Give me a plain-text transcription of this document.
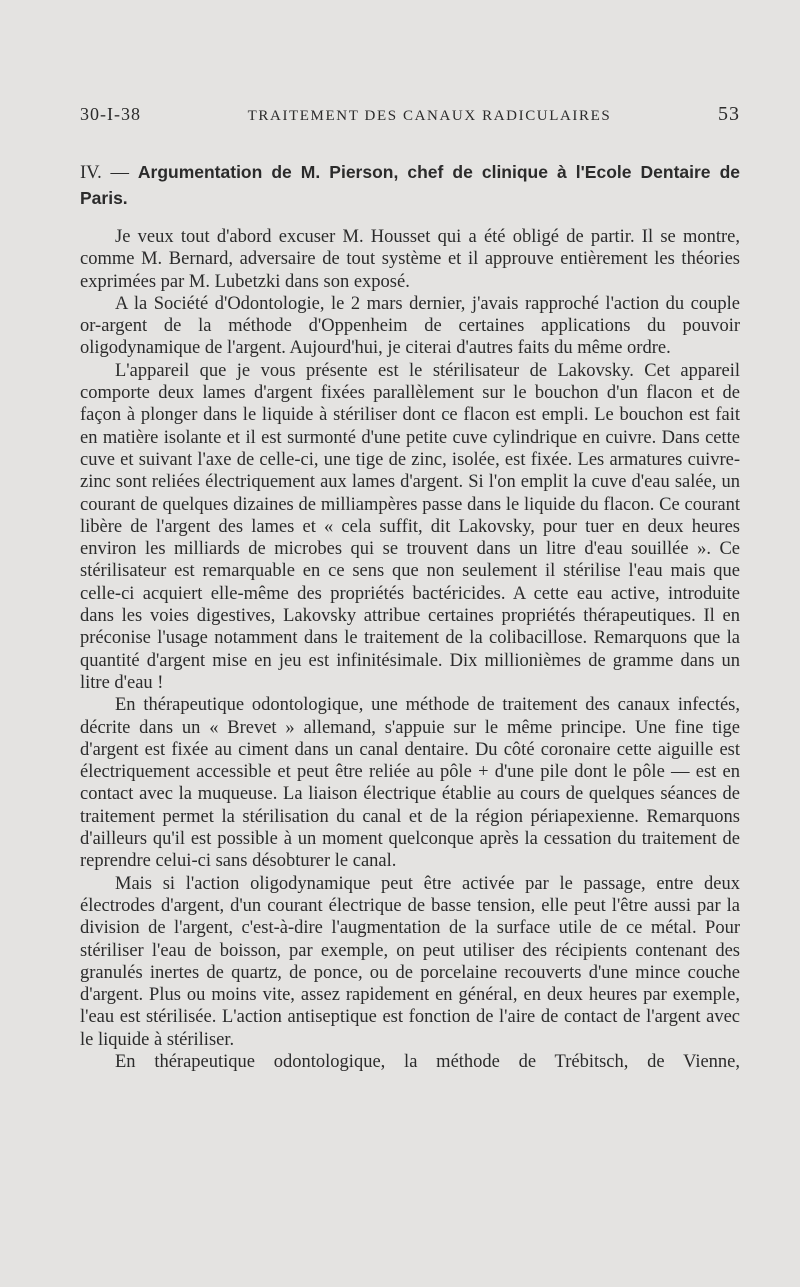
30-I-38	TRAITEMENT DES CANAUX RADICULAIRES	53
IV. — Argumentation de M. Pierson, chef de clinique à l'Ecole Dentaire de Paris.

Je veux tout d'abord excuser M. Housset qui a été obligé de partir. Il se montre, comme M. Bernard, adversaire de tout système et il approuve entièrement les théories exprimées par M. Lubetzki dans son exposé.

A la Société d'Odontologie, le 2 mars dernier, j'avais rapproché l'action du couple or-argent de la méthode d'Oppenheim de certaines applications du pouvoir oligodynamique de l'argent. Aujourd'hui, je citerai d'autres faits du même ordre.

L'appareil que je vous présente est le stérilisateur de Lakovsky. Cet appareil comporte deux lames d'argent fixées parallèlement sur le bouchon d'un flacon et de façon à plonger dans le liquide à stériliser dont ce flacon est empli. Le bouchon est fait en matière isolante et il est surmonté d'une petite cuve cylindrique en cuivre. Dans cette cuve et suivant l'axe de celle-ci, une tige de zinc, isolée, est fixée. Les armatures cuivre-zinc sont reliées électriquement aux lames d'argent. Si l'on emplit la cuve d'eau salée, un courant de quelques dizaines de milliampères passe dans le liquide du flacon. Ce courant libère de l'argent des lames et « cela suffit, dit Lakovsky, pour tuer en deux heures environ les milliards de microbes qui se trouvent dans un litre d'eau souillée ». Ce stérilisateur est remarquable en ce sens que non seulement il stérilise l'eau mais que celle-ci acquiert elle-même des propriétés bactéricides. A cette eau active, introduite dans les voies digestives, Lakovsky attribue certaines propriétés thérapeutiques. Il en préconise l'usage notamment dans le traitement de la colibacillose. Remarquons que la quantité d'argent mise en jeu est infinitésimale. Dix millionièmes de gramme dans un litre d'eau !

En thérapeutique odontologique, une méthode de traitement des canaux infectés, décrite dans un « Brevet » allemand, s'appuie sur le même principe. Une fine tige d'argent est fixée au ciment dans un canal dentaire. Du côté coronaire cette aiguille est électriquement accessible et peut être reliée au pôle + d'une pile dont le pôle — est en contact avec la muqueuse. La liaison électrique établie au cours de quelques séances de traitement permet la stérilisation du canal et de la région périapexienne. Remarquons d'ailleurs qu'il est possible à un moment quelconque après la cessation du traitement de reprendre celui-ci sans désobturer le canal.

Mais si l'action oligodynamique peut être activée par le passage, entre deux électrodes d'argent, d'un courant électrique de basse tension, elle peut l'être aussi par la division de l'argent, c'est-à-dire l'augmentation de la surface utile de ce métal. Pour stériliser l'eau de boisson, par exemple, on peut utiliser des récipients contenant des granulés inertes de quartz, de ponce, ou de porcelaine recouverts d'une mince couche d'argent. Plus ou moins vite, assez rapidement en général, en deux heures par exemple, l'eau est stérilisée. L'action antiseptique est fonction de l'aire de contact de l'argent avec le liquide à stériliser.

En thérapeutique odontologique, la méthode de Trébitsch, de Vienne,
